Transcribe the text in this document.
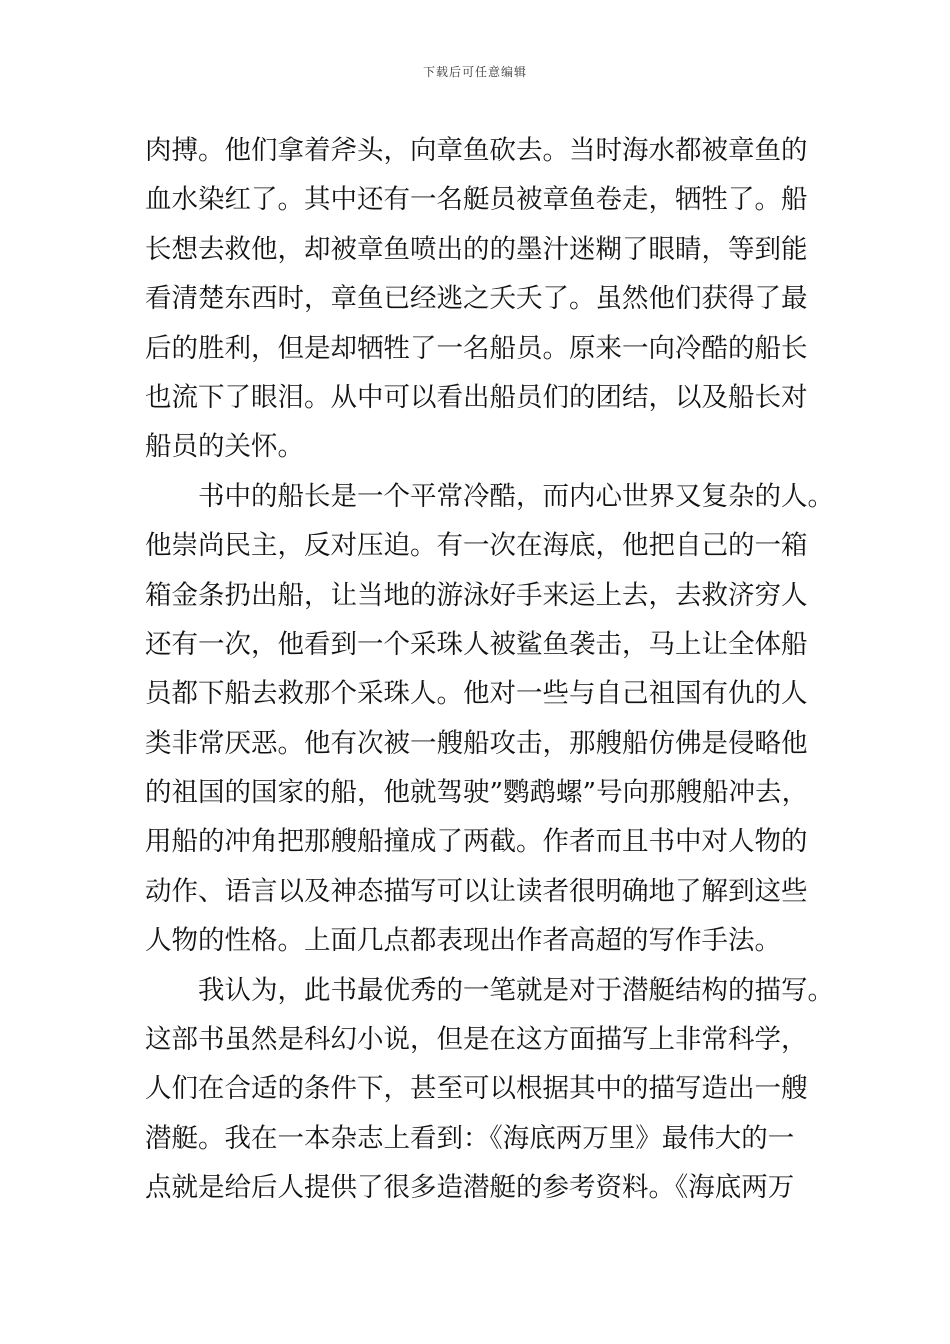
下载后可任意编辑
肉搏。他们拿着斧头，向章鱼砍去。当时海水都被章鱼的
血水染红了。其中还有一名艇员被章鱼卷走，牺牲了。船
长想去救他，却被章鱼喷出的的墨汁迷糊了眼睛，等到能
看清楚东西时，章鱼已经逃之夭夭了。虽然他们获得了最
后的胜利，但是却牺牲了一名船员。原来一向冷酷的船长
也流下了眼泪。从中可以看出船员们的团结，以及船长对
船员的关怀。
书中的船长是一个平常冷酷，而内心世界又复杂的人。
他崇尚民主，反对压迫。有一次在海底，他把自己的一箱
箱金条扔出船，让当地的游泳好手来运上去，去救济穷人
还有一次，他看到一个采珠人被鲨鱼袭击，马上让全体船
员都下船去救那个采珠人。他对一些与自己祖国有仇的人
类非常厌恶。他有次被一艘船攻击，那艘船仿佛是侵略他
的祖国的国家的船，他就驾驶”鹦鹉螺”号向那艘船冲去，
用船的冲角把那艘船撞成了两截。作者而且书中对人物的
动作、语言以及神态描写可以让读者很明确地了解到这些
人物的性格。上面几点都表现出作者高超的写作手法。
我认为，此书最优秀的一笔就是对于潜艇结构的描写。
这部书虽然是科幻小说，但是在这方面描写上非常科学，
人们在合适的条件下，甚至可以根据其中的描写造出一艘
潜艇。我在一本杂志上看到：《海底两万里》最伟大的一
点就是给后人提供了很多造潜艇的参考资料。《海底两万
